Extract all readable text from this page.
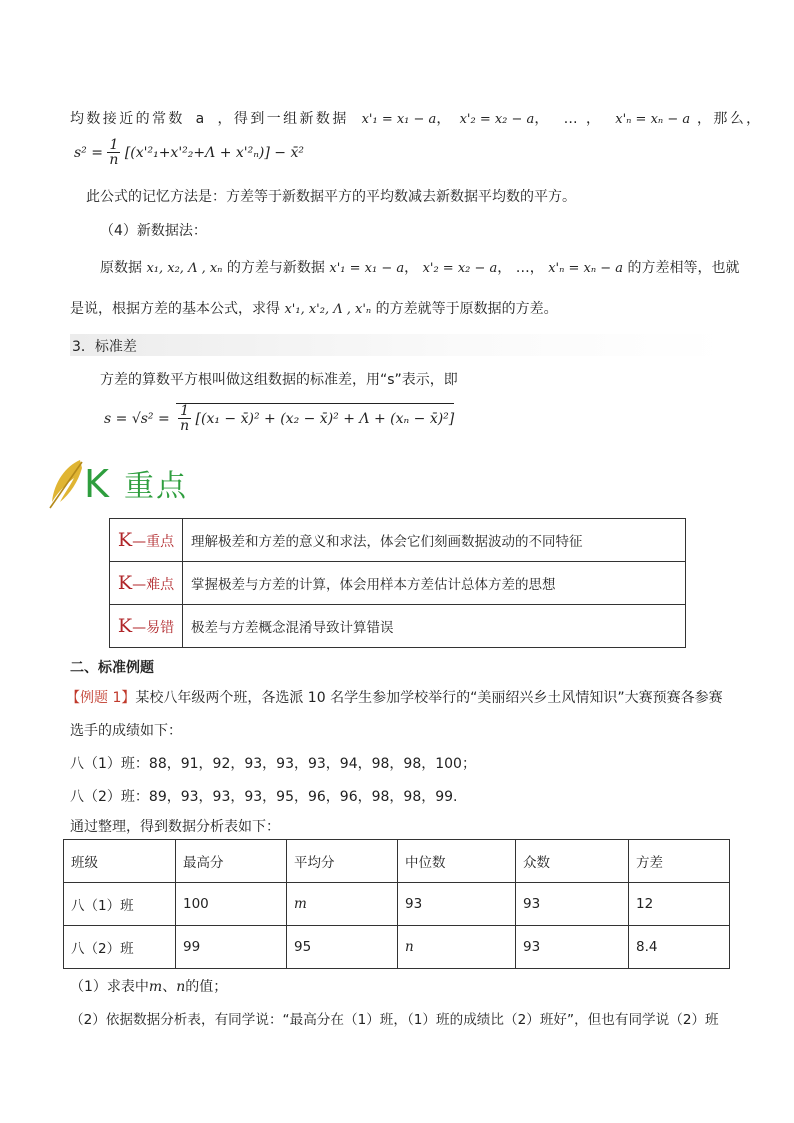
均数接近的常数 a ，得到一组新数据 x'₁ = x₁ − a， x'₂ = x₂ − a， … ， x'ₙ = xₙ − a ，那么，
$s^2 = \frac{1}{n} [(x'^2_1+x'^2_2+\Lambda + x'^2_n)]$ − x̄²
此公式的记忆方法是：方差等于新数据平方的平均数减去新数据平均数的平方。
（4）新数据法：
原数据 x₁, x₂, Λ , xₙ 的方差与新数据 x'₁ = x₁ − a， x'₂ = x₂ − a， …， x'ₙ = xₙ − a 的方差相等，也就
是说，根据方差的基本公式，求得 x'₁, x'₂, Λ , x'ₙ 的方差就等于原数据的方差。
3．标准差
方差的算数平方根叫做这组数据的标准差，用“s”表示，即
$s = √s^2 = \frac{1}{n} [(x_1$ − x̄)² + (x₂ − x̄)² + Λ + (xₙ − x̄)²]
K 重点
K—重点	理解极差和方差的意义和求法，体会它们刻画数据波动的不同特征
K—难点	掌握极差与方差的计算，体会用样本方差估计总体方差的思想
K—易错	极差与方差概念混淆导致计算错误
二、标准例题
【例题 1】某校八年级两个班，各选派 10 名学生参加学校举行的“美丽绍兴乡土风情知识”大赛预赛各参赛
选手的成绩如下：
八（1）班：88，91，92，93，93，93，94，98，98，100；
八（2）班：89，93，93，93，95，96，96，98，98，99.
通过整理，得到数据分析表如下：
班级	最高分	平均分	中位数	众数	方差
八（1）班	100	m	93	93	12
八（2）班	99	95	n	93	8.4
（1）求表中m、n的值；
（2）依据数据分析表，有同学说：“最高分在（1）班，（1）班的成绩比（2）班好”，但也有同学说（2）班
